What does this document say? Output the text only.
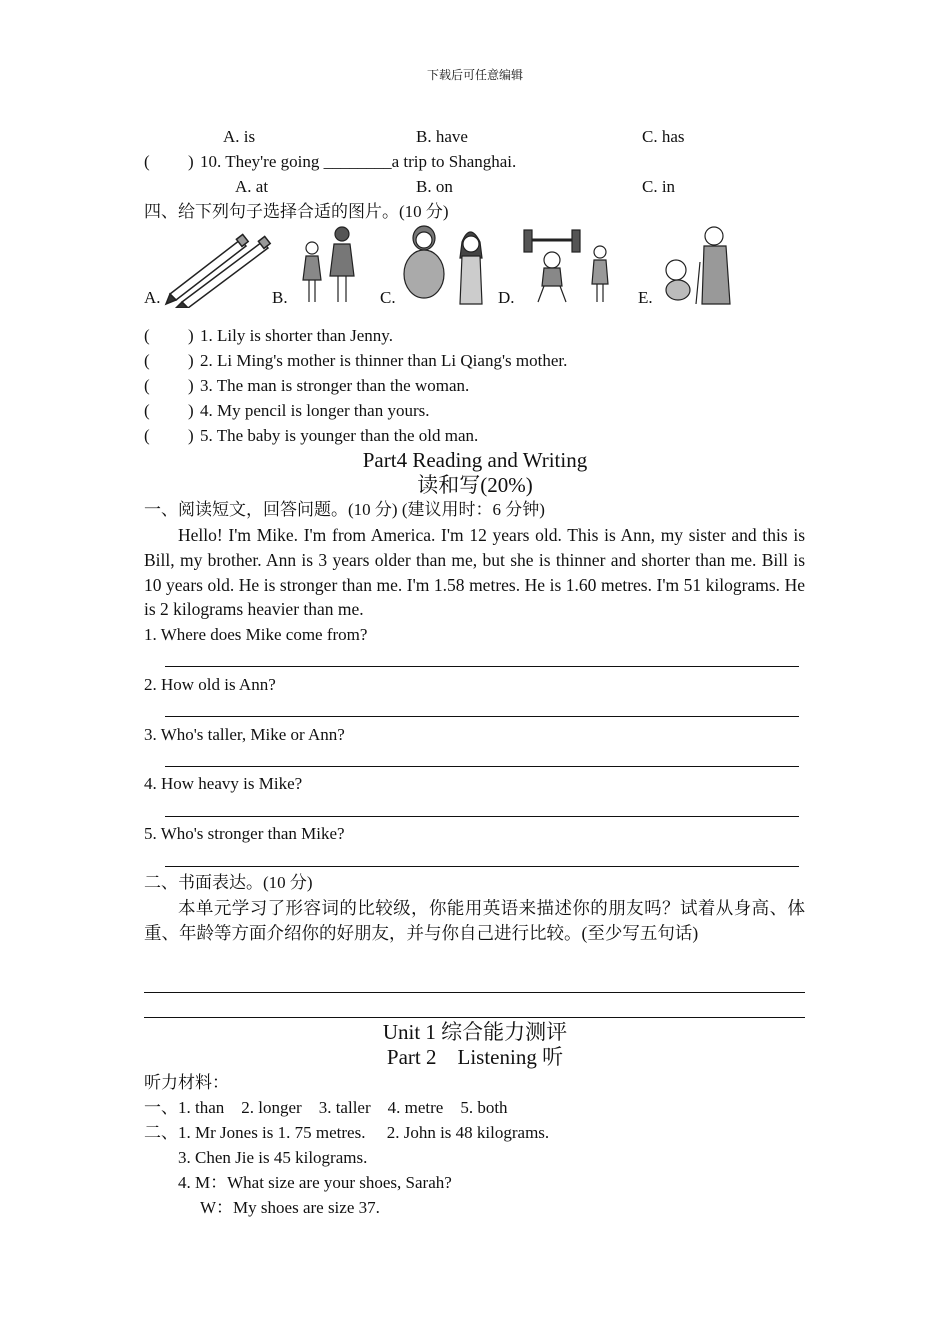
下载后可任意编辑
A. is	B. have	C. has
( ) 10. They're going ________a trip to Shanghai.
A. at	B. on	C. in
四、给下列句子选择合适的图片。(10 分)
A.	B.	C.	D.	E.
( ) 1. Lily is shorter than Jenny.
( ) 2. Li Ming's mother is thinner than Li Qiang's mother.
( ) 3. The man is stronger than the woman.
( ) 4. My pencil is longer than yours.
( ) 5. The baby is younger than the old man.
Part4 Reading and Writing
读和写(20%)
一、阅读短文，回答问题。(10 分) (建议用时：6 分钟)
Hello! I'm Mike. I'm from America. I'm 12 years old. This is Ann, my sister and this is Bill, my brother. Ann is 3 years older than me, but she is thinner and shorter than me. Bill is 10 years old. He is stronger than me. I'm 1.58 metres. He is 1.60 metres. I'm 51 kilograms. He is 2 kilograms heavier than me.
1. Where does Mike come from?
2. How old is Ann?
3. Who's taller, Mike or Ann?
4. How heavy is Mike?
5. Who's stronger than Mike?
二、书面表达。(10 分)
本单元学习了形容词的比较级，你能用英语来描述你的朋友吗？试着从身高、体重、年龄等方面介绍你的好朋友，并与你自己进行比较。(至少写五句话)
Unit 1 综合能力测评
Part 2    Listening 听
听力材料：
一、1. than    2. longer    3. taller    4. metre    5. both
二、1. Mr Jones is 1. 75 metres.     2. John is 48 kilograms.
3. Chen Jie is 45 kilograms.
4. M：What size are your shoes, Sarah?
W：My shoes are size 37.
